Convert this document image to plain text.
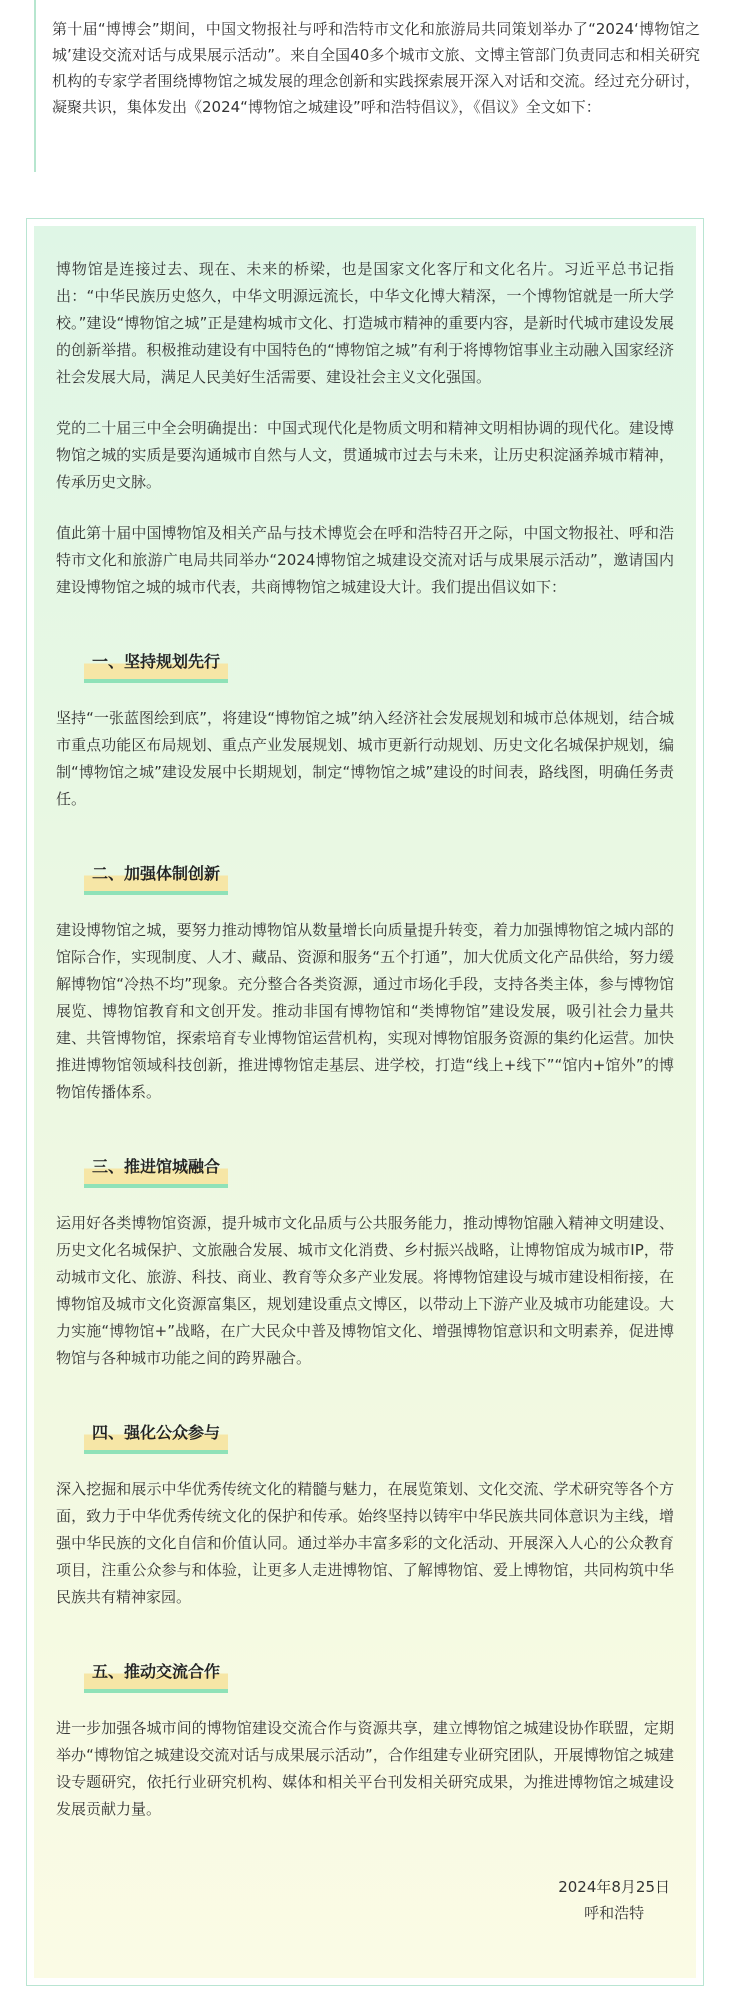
第十届“博博会”期间，中国文物报社与呼和浩特市文化和旅游局共同策划举办了“2024‘博物馆之城’建设交流对话与成果展示活动”。来自全国40多个城市文旅、文博主管部门负责同志和相关研究机构的专家学者围绕博物馆之城发展的理念创新和实践探索展开深入对话和交流。经过充分研讨，凝聚共识，集体发出《2024“博物馆之城建设”呼和浩特倡议》，《倡议》全文如下：

博物馆是连接过去、现在、未来的桥梁，也是国家文化客厅和文化名片。习近平总书记指出：“中华民族历史悠久，中华文明源远流长，中华文化博大精深，一个博物馆就是一所大学校。”建设“博物馆之城”正是建构城市文化、打造城市精神的重要内容，是新时代城市建设发展的创新举措。积极推动建设有中国特色的“博物馆之城”有利于将博物馆事业主动融入国家经济社会发展大局，满足人民美好生活需要、建设社会主义文化强国。

党的二十届三中全会明确提出：中国式现代化是物质文明和精神文明相协调的现代化。建设博物馆之城的实质是要沟通城市自然与人文，贯通城市过去与未来，让历史积淀涵养城市精神，传承历史文脉。

值此第十届中国博物馆及相关产品与技术博览会在呼和浩特召开之际，中国文物报社、呼和浩特市文化和旅游广电局共同举办“2024博物馆之城建设交流对话与成果展示活动”，邀请国内建设博物馆之城的城市代表，共商博物馆之城建设大计。我们提出倡议如下：

一、坚持规划先行

坚持“一张蓝图绘到底”，将建设“博物馆之城”纳入经济社会发展规划和城市总体规划，结合城市重点功能区布局规划、重点产业发展规划、城市更新行动规划、历史文化名城保护规划，编制“博物馆之城”建设发展中长期规划，制定“博物馆之城”建设的时间表，路线图，明确任务责任。

二、加强体制创新

建设博物馆之城，要努力推动博物馆从数量增长向质量提升转变，着力加强博物馆之城内部的馆际合作，实现制度、人才、藏品、资源和服务“五个打通”，加大优质文化产品供给，努力缓解博物馆“冷热不均”现象。充分整合各类资源，通过市场化手段，支持各类主体，参与博物馆展览、博物馆教育和文创开发。推动非国有博物馆和“类博物馆”建设发展，吸引社会力量共建、共管博物馆，探索培育专业博物馆运营机构，实现对博物馆服务资源的集约化运营。加快推进博物馆领域科技创新，推进博物馆走基层、进学校，打造“线上+线下”“馆内+馆外”的博物馆传播体系。

三、推进馆城融合

运用好各类博物馆资源，提升城市文化品质与公共服务能力，推动博物馆融入精神文明建设、历史文化名城保护、文旅融合发展、城市文化消费、乡村振兴战略，让博物馆成为城市IP，带动城市文化、旅游、科技、商业、教育等众多产业发展。将博物馆建设与城市建设相衔接，在博物馆及城市文化资源富集区，规划建设重点文博区，以带动上下游产业及城市功能建设。大力实施“博物馆+”战略，在广大民众中普及博物馆文化、增强博物馆意识和文明素养，促进博物馆与各种城市功能之间的跨界融合。

四、强化公众参与

深入挖掘和展示中华优秀传统文化的精髓与魅力，在展览策划、文化交流、学术研究等各个方面，致力于中华优秀传统文化的保护和传承。始终坚持以铸牢中华民族共同体意识为主线，增强中华民族的文化自信和价值认同。通过举办丰富多彩的文化活动、开展深入人心的公众教育项目，注重公众参与和体验，让更多人走进博物馆、了解博物馆、爱上博物馆，共同构筑中华民族共有精神家园。

五、推动交流合作

进一步加强各城市间的博物馆建设交流合作与资源共享，建立博物馆之城建设协作联盟，定期举办“博物馆之城建设交流对话与成果展示活动”，合作组建专业研究团队，开展博物馆之城建设专题研究，依托行业研究机构、媒体和相关平台刊发相关研究成果，为推进博物馆之城建设发展贡献力量。

2024年8月25日
呼和浩特
